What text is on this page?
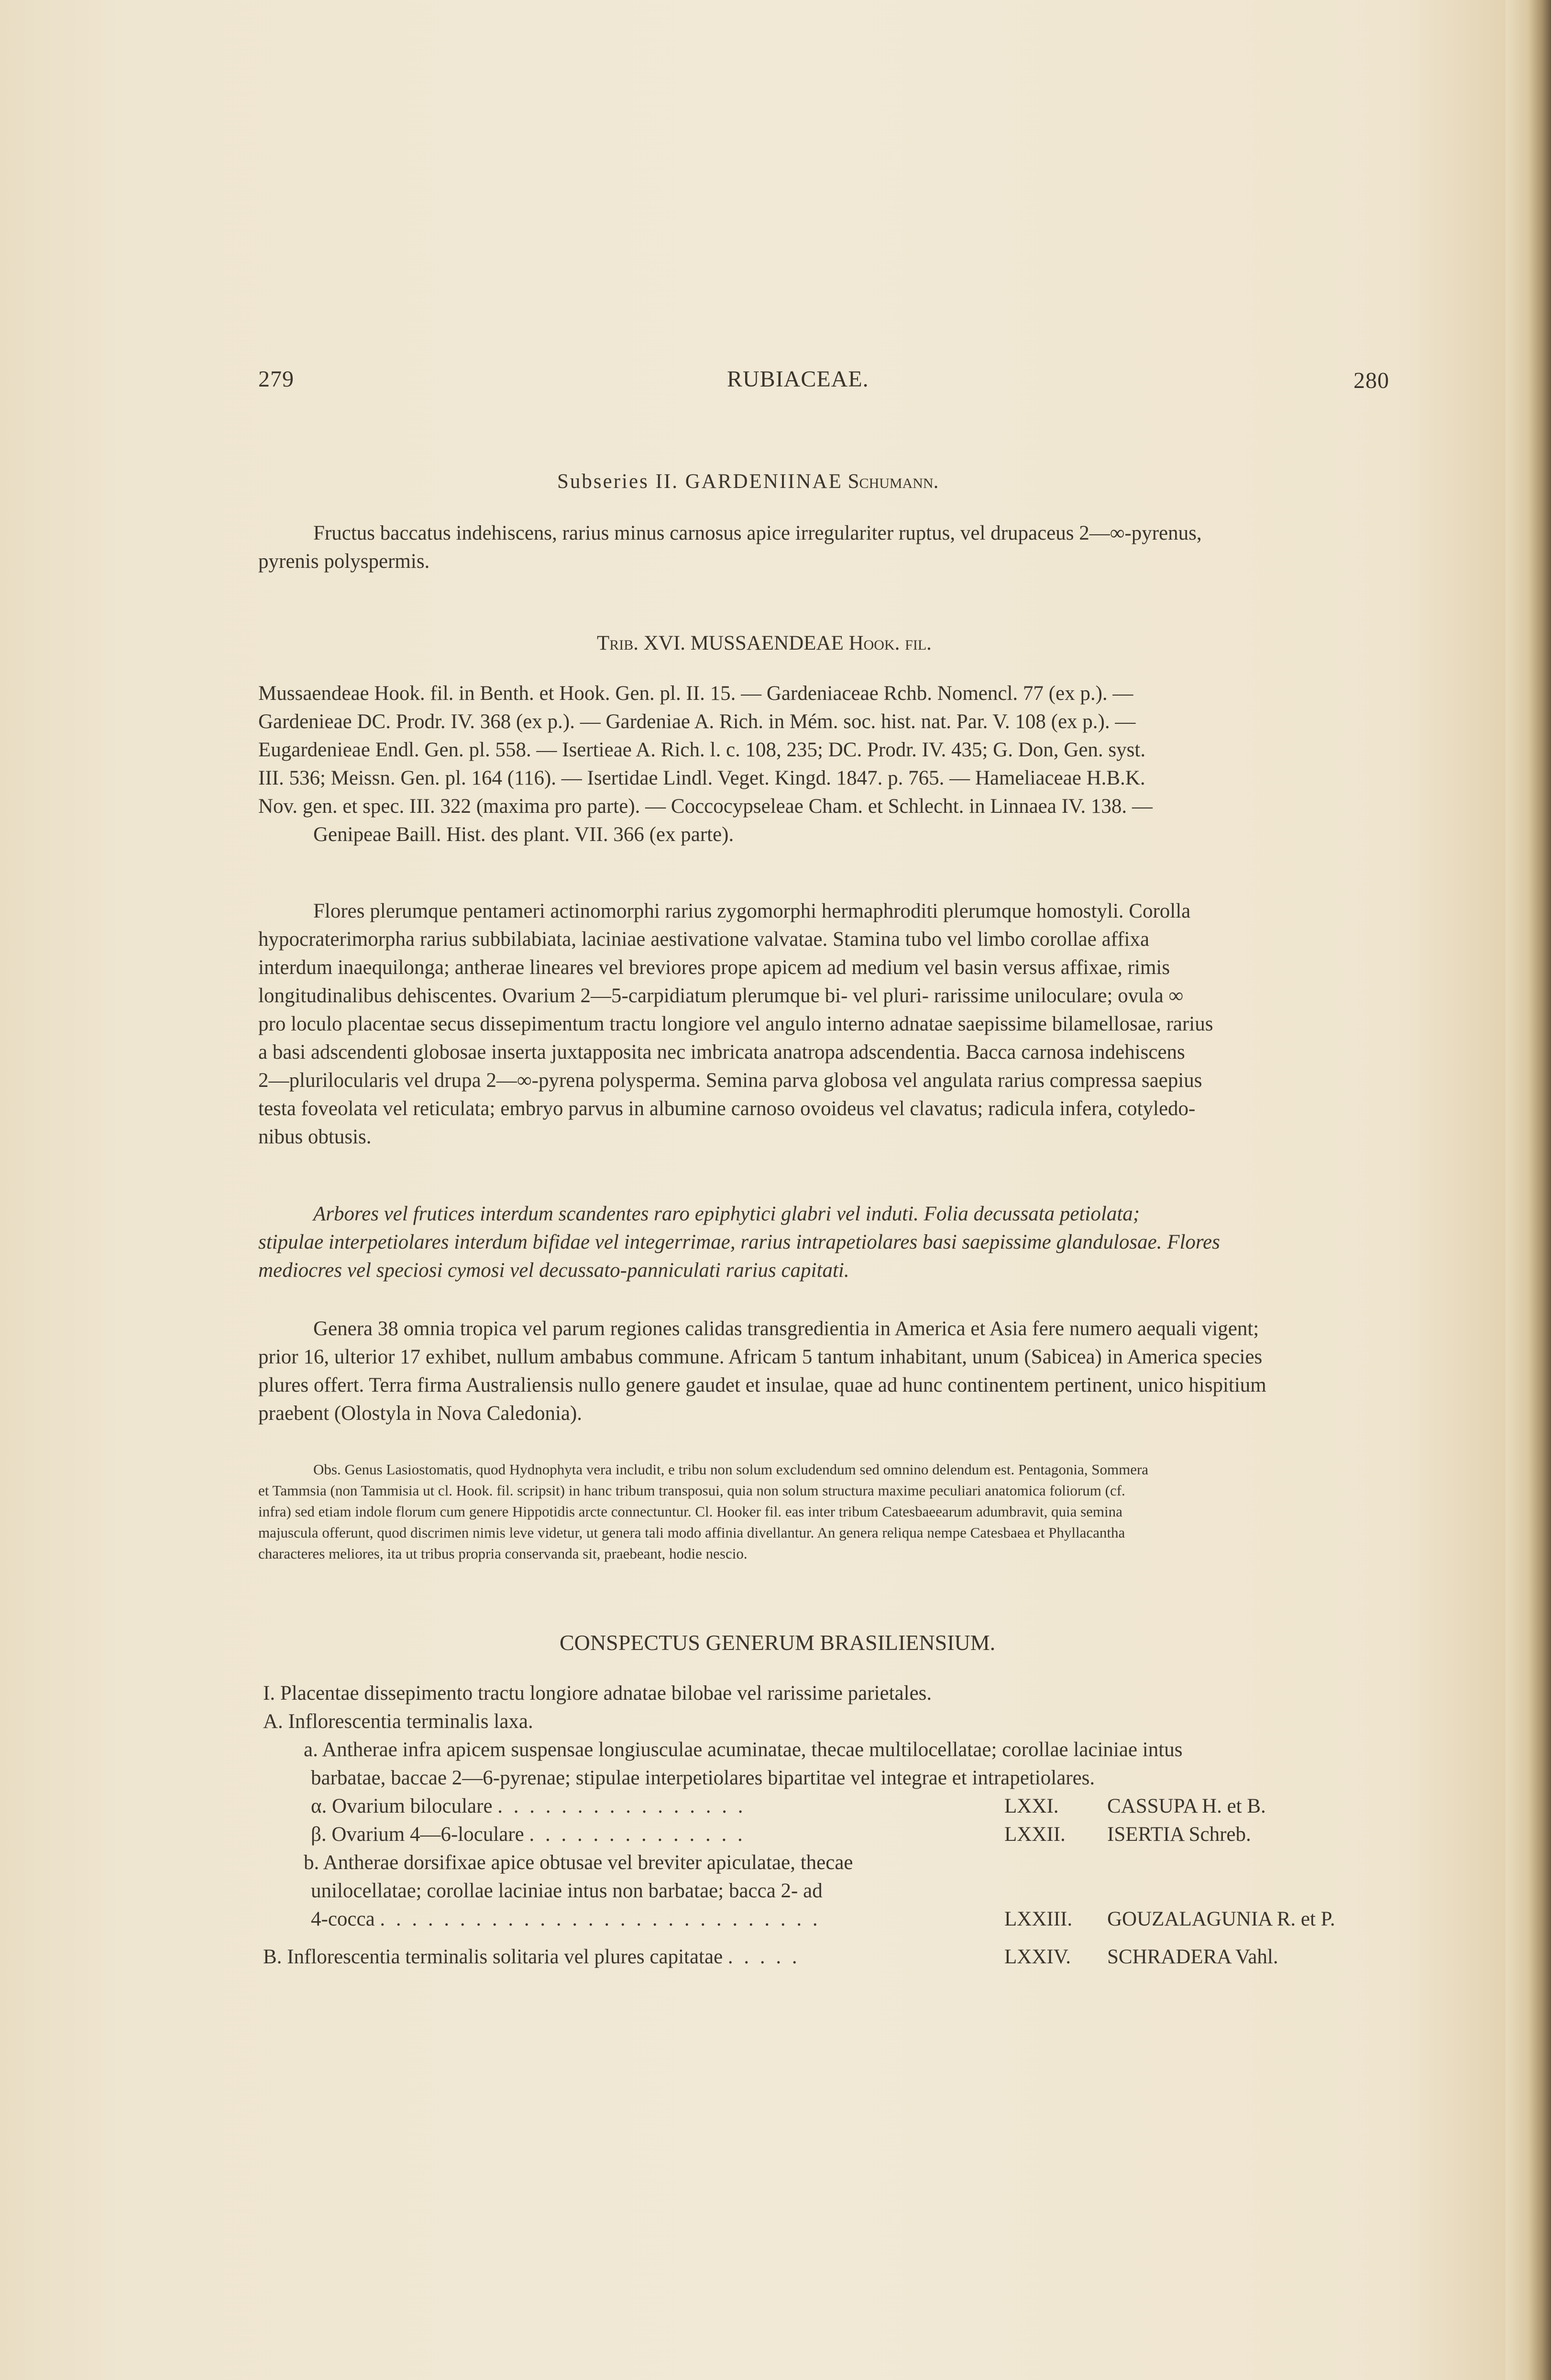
279	RUBIACEAE.	280
Subseries II. GARDENIINAE Schumann.
Fructus baccatus indehiscens, rarius minus carnosus apice irregulariter ruptus, vel drupaceus 2—∞-pyrenus,
pyrenis polyspermis.
Trib. XVI. MUSSAENDEAE Hook. fil.
Mussaendeae Hook. fil. in Benth. et Hook. Gen. pl. II. 15. — Gardeniaceae Rchb. Nomencl. 77 (ex p.). —
Gardenieae DC. Prodr. IV. 368 (ex p.). — Gardeniae A. Rich. in Mém. soc. hist. nat. Par. V. 108 (ex p.). —
Eugardenieae Endl. Gen. pl. 558. — Isertieae A. Rich. l. c. 108, 235; DC. Prodr. IV. 435; G. Don, Gen. syst.
III. 536; Meissn. Gen. pl. 164 (116). — Isertidae Lindl. Veget. Kingd. 1847. p. 765. — Hameliaceae H.B.K.
Nov. gen. et spec. III. 322 (maxima pro parte). — Coccocypseleae Cham. et Schlecht. in Linnaea IV. 138. —
Genipeae Baill. Hist. des plant. VII. 366 (ex parte).
Flores plerumque pentameri actinomorphi rarius zygomorphi hermaphroditi plerumque homostyli. Corolla
hypocraterimorpha rarius subbilabiata, laciniae aestivatione valvatae. Stamina tubo vel limbo corollae affixa
interdum inaequilonga; antherae lineares vel breviores prope apicem ad medium vel basin versus affixae, rimis
longitudinalibus dehiscentes. Ovarium 2—5-carpidiatum plerumque bi- vel pluri- rarissime uniloculare; ovula ∞
pro loculo placentae secus dissepimentum tractu longiore vel angulo interno adnatae saepissime bilamellosae, rarius
a basi adscendenti globosae inserta juxtapposita nec imbricata anatropa adscendentia. Bacca carnosa indehiscens
2—plurilocularis vel drupa 2—∞-pyrena polysperma. Semina parva globosa vel angulata rarius compressa saepius
testa foveolata vel reticulata; embryo parvus in albumine carnoso ovoideus vel clavatus; radicula infera, cotyledo-
nibus obtusis.
Arbores vel frutices interdum scandentes raro epiphytici glabri vel induti. Folia decussata petiolata;
stipulae interpetiolares interdum bifidae vel integerrimae, rarius intrapetiolares basi saepissime glandulosae. Flores
mediocres vel speciosi cymosi vel decussato-panniculati rarius capitati.
Genera 38 omnia tropica vel parum regiones calidas transgredientia in America et Asia fere numero aequali vigent;
prior 16, ulterior 17 exhibet, nullum ambabus commune. Africam 5 tantum inhabitant, unum (Sabicea) in America species
plures offert. Terra firma Australiensis nullo genere gaudet et insulae, quae ad hunc continentem pertinent, unico hispitium
praebent (Olostyla in Nova Caledonia).
Obs. Genus Lasiostomatis, quod Hydnophyta vera includit, e tribu non solum excludendum sed omnino delendum est. Pentagonia, Sommera
et Tammsia (non Tammisia ut cl. Hook. fil. scripsit) in hanc tribum transposui, quia non solum structura maxime peculiari anatomica foliorum (cf.
infra) sed etiam indole florum cum genere Hippotidis arcte connectuntur. Cl. Hooker fil. eas inter tribum Catesbaeearum adumbravit, quia semina
majuscula offerunt, quod discrimen nimis leve videtur, ut genera tali modo affinia divellantur. An genera reliqua nempe Catesbaea et Phyllacantha
characteres meliores, ita ut tribus propria conservanda sit, praebeant, hodie nescio.
CONSPECTUS GENERUM BRASILIENSIUM.
I. Placentae dissepimento tractu longiore adnatae bilobae vel rarissime parietales.
A. Inflorescentia terminalis laxa.
a. Antherae infra apicem suspensae longiusculae acuminatae, thecae multilocellatae; corollae laciniae intus
barbatae, baccae 2—6-pyrenae; stipulae interpetiolares bipartitae vel integrae et intrapetiolares.
α. Ovarium biloculare . . . . . . . . . . . . . . . .	LXXI. CASSUPA H. et B.
β. Ovarium 4—6-loculare . . . . . . . . . . . . . .	LXXII. ISERTIA Schreb.
b. Antherae dorsifixae apice obtusae vel breviter apiculatae, thecae
unilocellatae; corollae laciniae intus non barbatae; bacca 2- ad
4-cocca . . . . . . . . . . . . . . . . . . . . . . . . . . . .	LXXIII. GOUZALAGUNIA R. et P.
B. Inflorescentia terminalis solitaria vel plures capitatae . . . . .	LXXIV. SCHRADERA Vahl.
